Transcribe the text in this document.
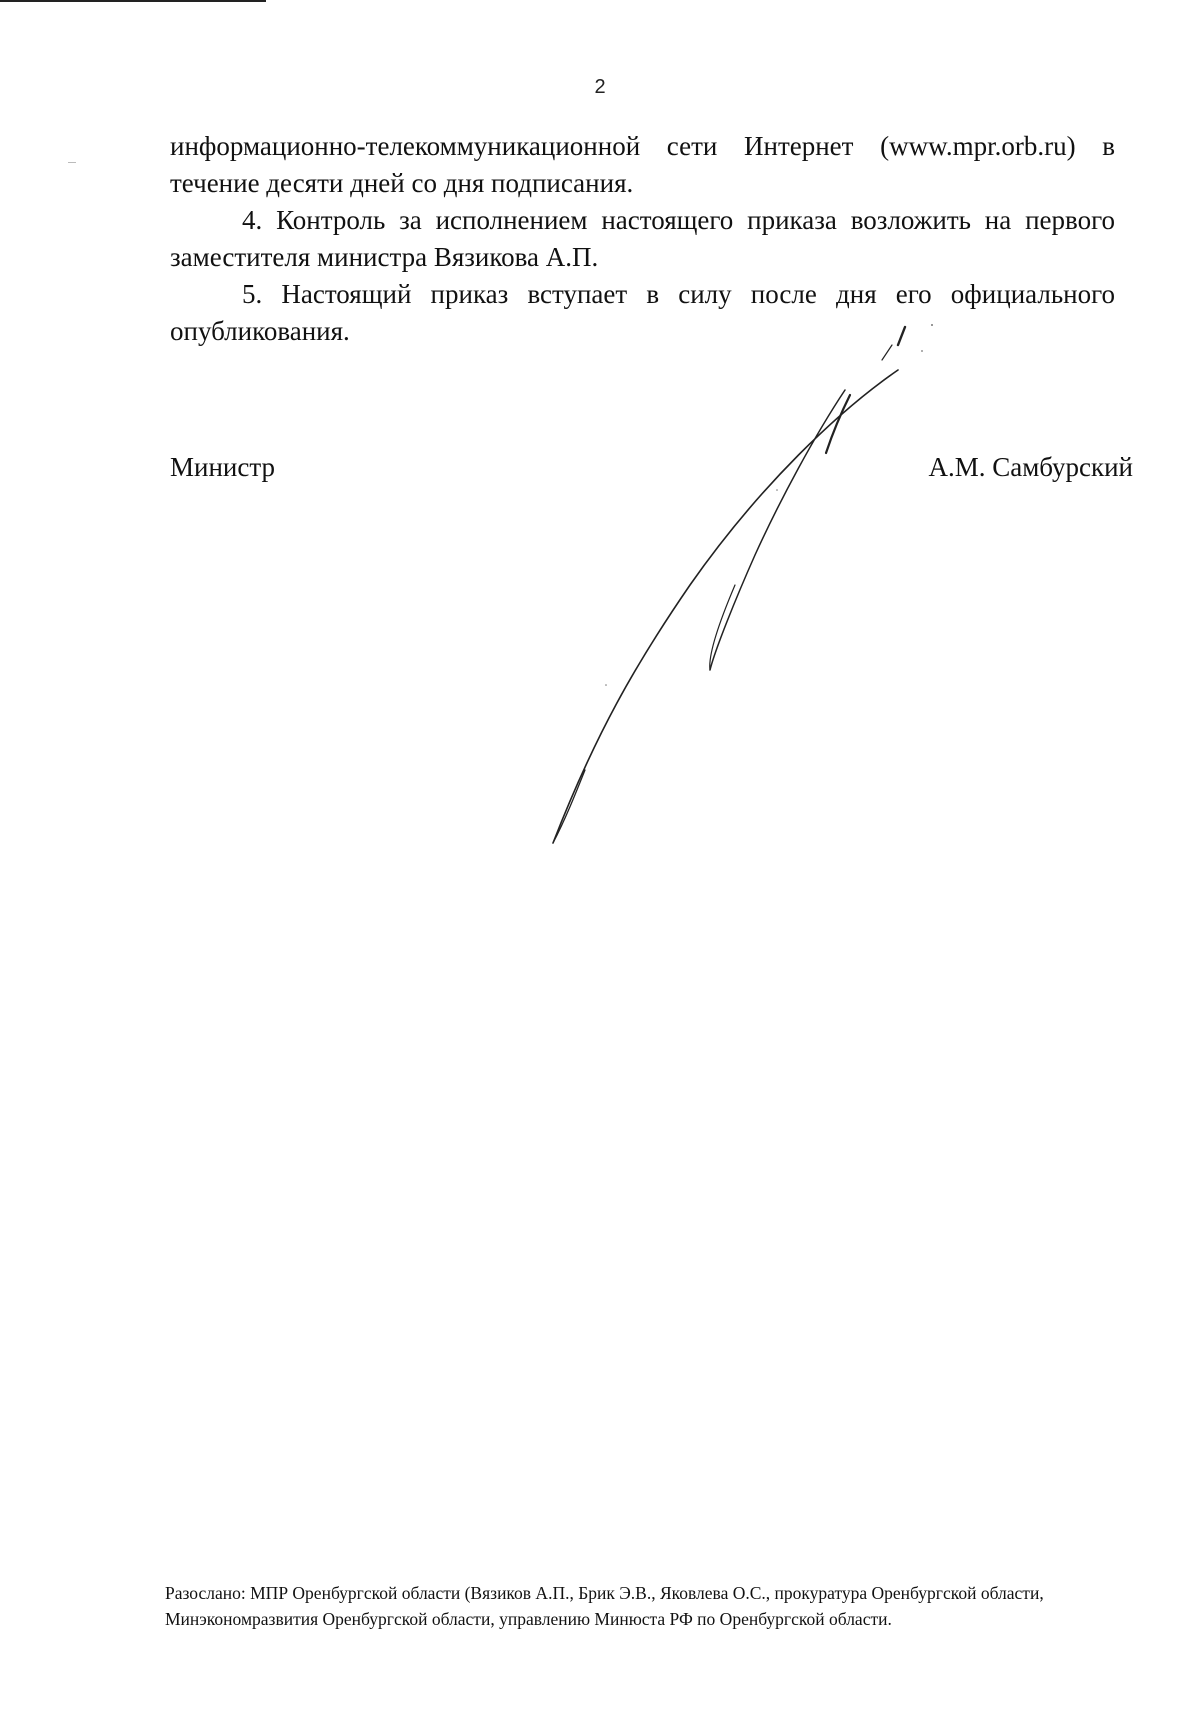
2

информационно-телекоммуникационной сети Интернет (www.mpr.orb.ru) в течение десяти дней со дня подписания.

4. Контроль за исполнением настоящего приказа возложить на первого заместителя министра Вязикова А.П.

5. Настоящий приказ вступает в силу после дня его официального опубликования.

Министр	А.М. Самбурский
Разослано: МПР Оренбургской области (Вязиков А.П., Брик Э.В., Яковлева О.С., прокуратура Оренбургской области, Минэкономразвития Оренбургской области, управлению Минюста РФ по Оренбургской области.
